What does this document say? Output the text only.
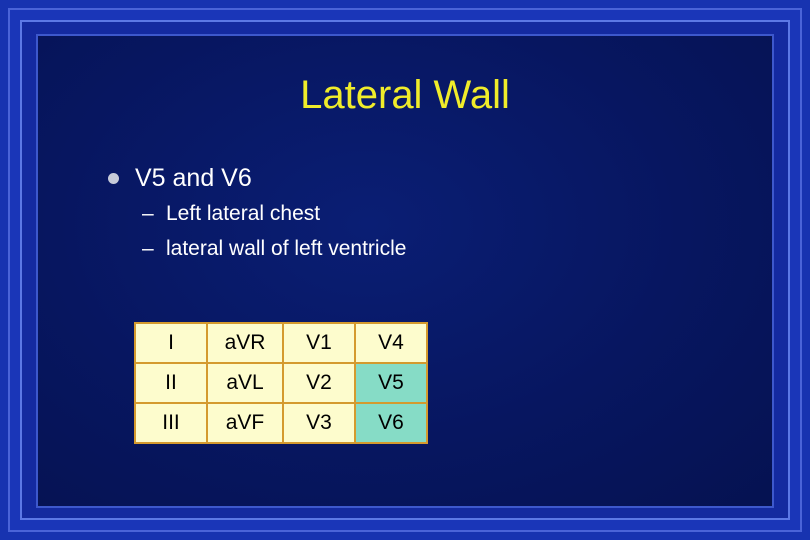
Lateral Wall
V5 and V6
– Left lateral chest
– lateral wall of left ventricle
I	aVR	V1	V4
II	aVL	V2	V5
III	aVF	V3	V6
